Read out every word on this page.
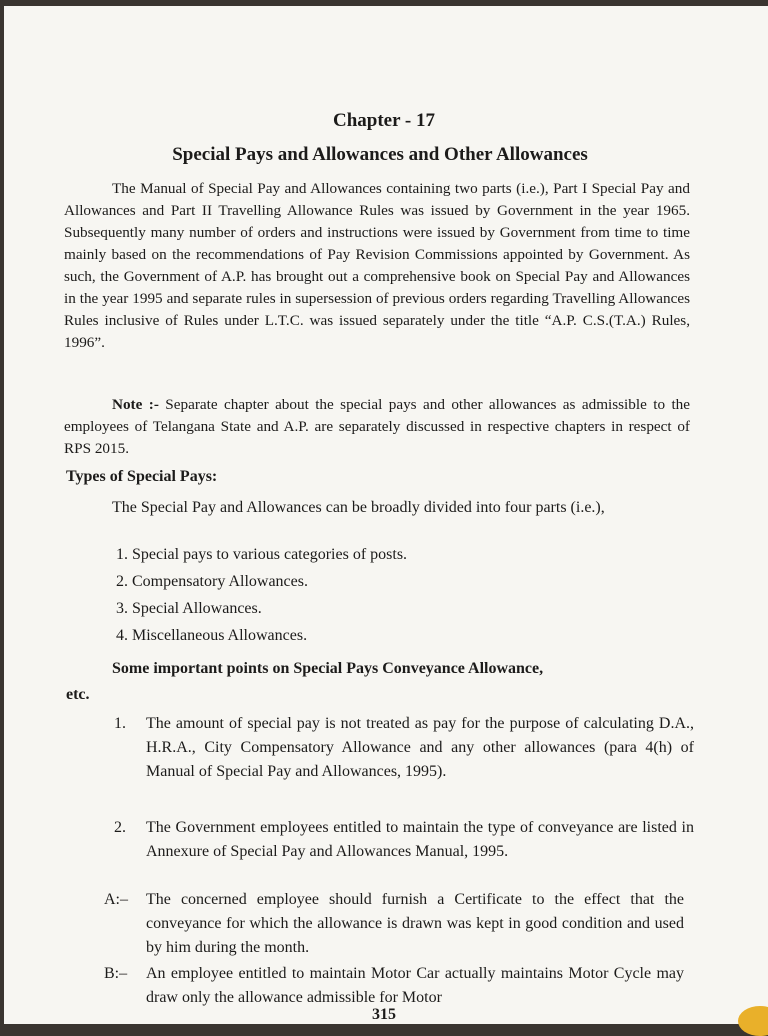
Chapter - 17
Special Pays and Allowances and Other Allowances

The Manual of Special Pay and Allowances containing two parts (i.e.), Part I Special Pay and Allowances and Part II Travelling Allowance Rules was issued by Government in the year 1965. Subsequently many number of orders and instructions were issued by Government from time to time mainly based on the recommendations of Pay Revision Commissions appointed by Government. As such, the Government of A.P. has brought out a comprehensive book on Special Pay and Allowances in the year 1995 and separate rules in supersession of previous orders regarding Travelling Allowances Rules inclusive of Rules under L.T.C. was issued separately under the title “A.P. C.S.(T.A.) Rules, 1996”.

Note :- Separate chapter about the special pays and other allowances as admissible to the employees of Telangana State and A.P. are separately discussed in respective chapters in respect of RPS 2015.

Types of Special Pays:

The Special Pay and Allowances can be broadly divided into four parts (i.e.),

1. Special pays to various categories of posts.
2. Compensatory Allowances.
3. Special Allowances.
4. Miscellaneous Allowances.
Some important points on Special Pays Conveyance Allowance,
etc.
1. The amount of special pay is not treated as pay for the purpose of calculating D.A., H.R.A., City Compensatory Allowance and any other allowances (para 4(h) of Manual of Special Pay and Allowances, 1995).
2. The Government employees entitled to maintain the type of conveyance are listed in Annexure of Special Pay and Allowances Manual, 1995.
A:– The concerned employee should furnish a Certificate to the effect that the conveyance for which the allowance is drawn was kept in good condition and used by him during the month.
B:– An employee entitled to maintain Motor Car actually maintains Motor Cycle may draw only the allowance admissible for Motor
315
